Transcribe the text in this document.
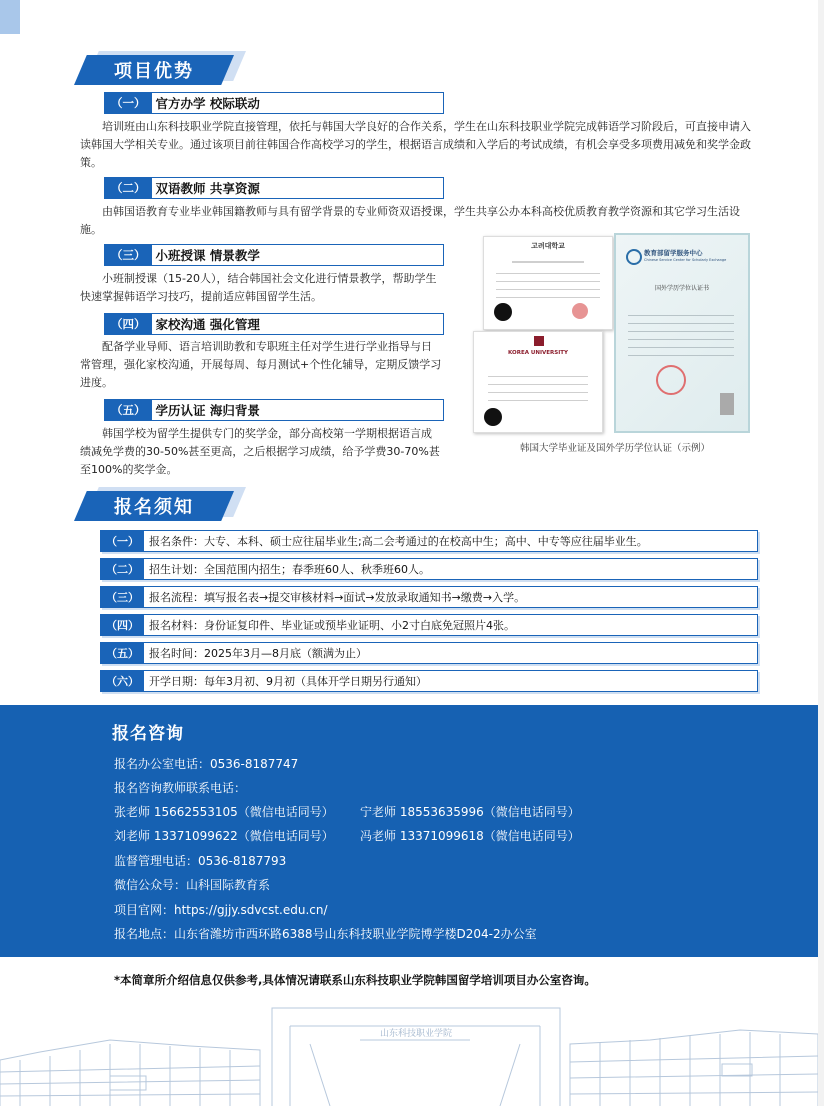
项目优势
（一） 官方办学 校际联动

培训班由山东科技职业学院直接管理，依托与韩国大学良好的合作关系，学生在山东科技职业学院完成韩语学习阶段后，可直接申请入读韩国大学相关专业。通过该项目前往韩国合作高校学习的学生，根据语言成绩和入学后的考试成绩，有机会享受多项费用减免和奖学金政策。

（二） 双语教师 共享资源

由韩国语教育专业毕业韩国籍教师与具有留学背景的专业师资双语授课，学生共享公办本科高校优质教育教学资源和其它学习生活设施。

（三） 小班授课 情景教学

小班制授课（15-20人），结合韩国社会文化进行情景教学，帮助学生快速掌握韩语学习技巧，提前适应韩国留学生活。

（四） 家校沟通 强化管理

配备学业导师、语言培训助教和专职班主任对学生进行学业指导与日常管理，强化家校沟通，开展每周、每月测试+个性化辅导，定期反馈学习进度。

（五） 学历认证 海归背景

韩国学校为留学生提供专门的奖学金，部分高校第一学期根据语言成绩减免学费的30-50%甚至更高，之后根据学习成绩，给予学费30-70%甚至100%的奖学金。

고려대학교
KOREA UNIVERSITY
教育部留学服务中心
Chinese Service Center for Scholarly Exchange
国外学历学位认证书
韩国大学毕业证及国外学历学位认证（示例）
报名须知
（一） 报名条件：大专、本科、硕士应往届毕业生;高二会考通过的在校高中生；高中、中专等应往届毕业生。
（二） 招生计划：全国范围内招生；春季班60人、秋季班60人。
（三） 报名流程：填写报名表→提交审核材料→面试→发放录取通知书→缴费→入学。
（四） 报名材料：身份证复印件、毕业证或预毕业证明、小2寸白底免冠照片4张。
（五） 报名时间：2025年3月—8月底（额满为止）
（六） 开学日期：每年3月初、9月初（具体开学日期另行通知）
报名咨询
报名办公室电话：0536-8187747
报名咨询教师联系电话：
张老师 15662553105（微信电话同号） 宁老师 18553635996（微信电话同号）
刘老师 13371099622（微信电话同号） 冯老师 13371099618（微信电话同号）
监督管理电话：0536-8187793
微信公众号：山科国际教育系
项目官网：https://gjjy.sdvcst.edu.cn/
报名地点：山东省潍坊市西环路6388号山东科技职业学院博学楼D204-2办公室
*本简章所介绍信息仅供参考,具体情况请联系山东科技职业学院韩国留学培训项目办公室咨询。
山东科技职业学院
